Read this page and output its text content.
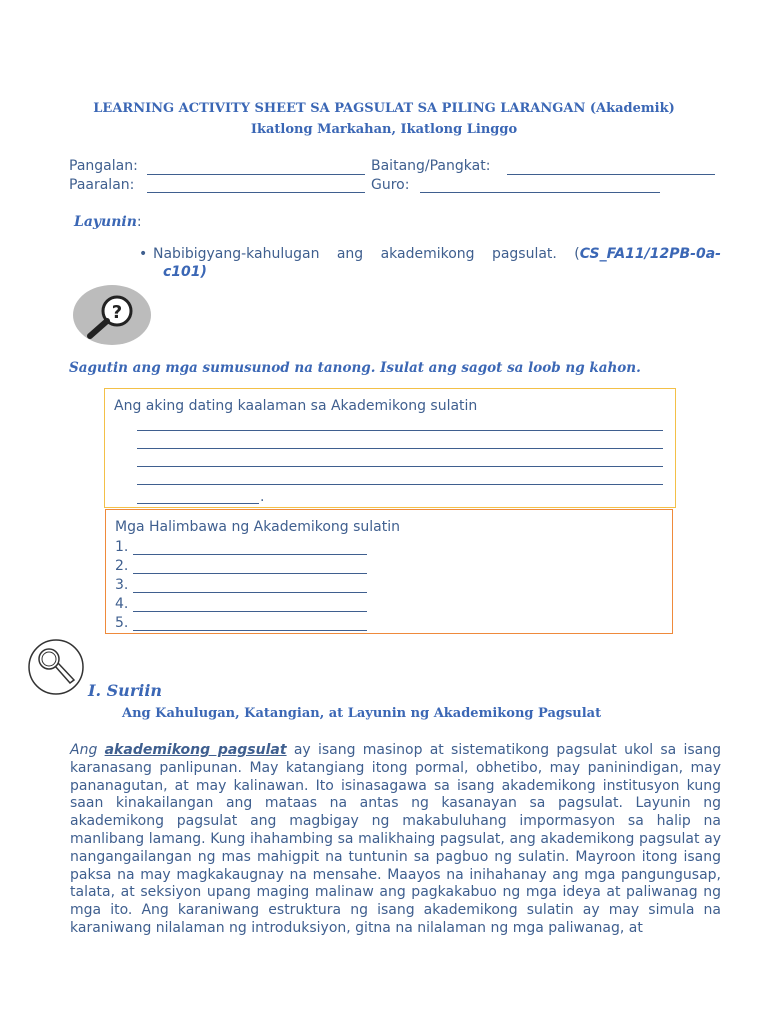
LEARNING ACTIVITY SHEET SA PAGSULAT SA PILING LARANGAN (Akademik)
Ikatlong Markahan, Ikatlong Linggo
Pangalan:	Baitang/Pangkat:
Paaralan:	Guro:
Layunin:
• Nabibigyang-kahulugan ang akademikong pagsulat. (CS_FA11/12PB-0a-
c101)
?
Sagutin ang mga sumusunod na tanong. Isulat ang sagot sa loob ng kahon.
Ang aking dating kaalaman sa Akademikong sulatin
.
Mga Halimbawa ng Akademikong sulatin
1.
2.
3.
4.
5.
I. Suriin
Ang Kahulugan, Katangian, at Layunin ng Akademikong Pagsulat
Ang akademikong pagsulat ay isang masinop at sistematikong pagsulat ukol sa isang karanasang panlipunan. May katangiang itong pormal, obhetibo, may paninindigan, may pananagutan, at may kalinawan. Ito isinasagawa sa isang akademikong institusyon kung saan kinakailangan ang mataas na antas ng kasanayan sa pagsulat. Layunin ng akademikong pagsulat ang magbigay ng makabuluhang impormasyon sa halip na manlibang lamang. Kung ihahambing sa malikhaing pagsulat, ang akademikong pagsulat ay nangangailangan ng mas mahigpit na tuntunin sa pagbuo ng sulatin. Mayroon itong isang paksa na may magkakaugnay na mensahe. Maayos na inihahanay ang mga pangungusap, talata, at seksiyon upang maging malinaw ang pagkakabuo ng mga ideya at paliwanag ng mga ito. Ang karaniwang estruktura ng isang akademikong sulatin ay may simula na karaniwang nilalaman ng introduksiyon, gitna na nilalaman ng mga paliwanag, at
